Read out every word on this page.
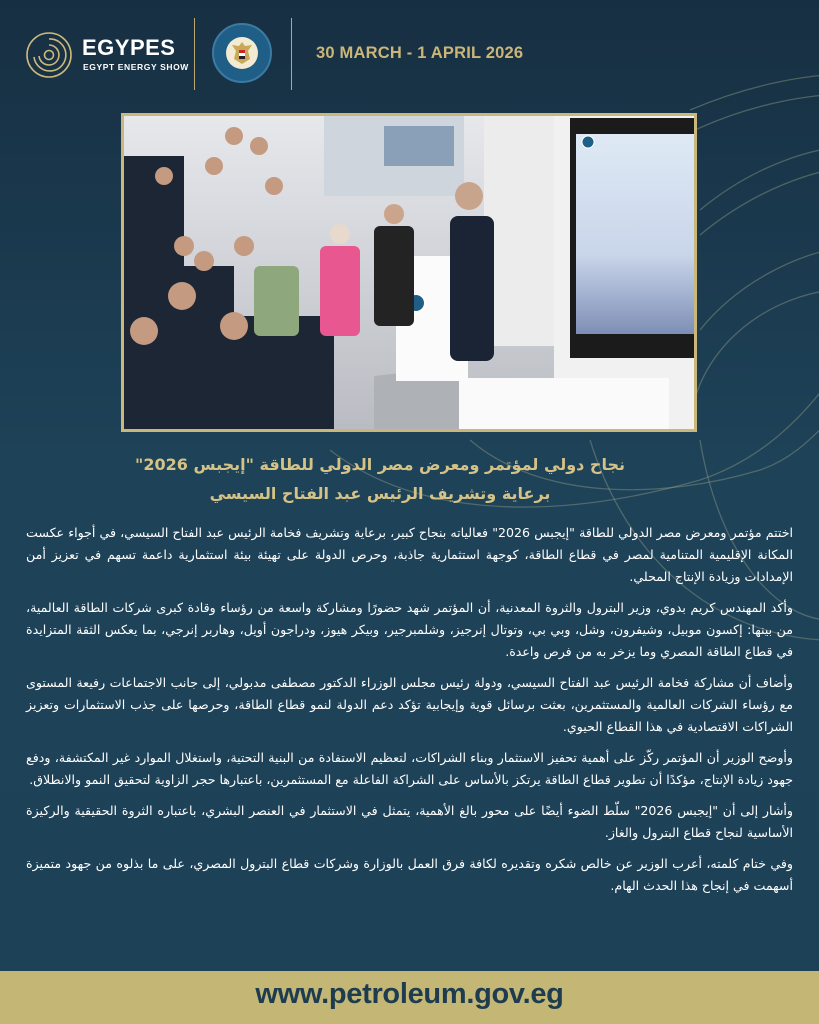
EGYPES
EGYPT ENERGY SHOW
30 MARCH - 1 APRIL 2026
نجاح دولي لمؤتمر ومعرض مصر الدولي للطاقة "إيجبس 2026"
برعاية وتشريف الرئيس عبد الفتاح السيسي

اختتم مؤتمر ومعرض مصر الدولي للطاقة "إيجبس 2026" فعالياته بنجاح كبير، برعاية وتشريف فخامة الرئيس عبد الفتاح السيسي، في أجواء عكست المكانة الإقليمية المتنامية لمصر في قطاع الطاقة، كوجهة استثمارية جاذبة، وحرص الدولة على تهيئة بيئة استثمارية داعمة تسهم في تعزيز أمن الإمدادات وزيادة الإنتاج المحلي.

وأكد المهندس كريم بدوي، وزير البترول والثروة المعدنية، أن المؤتمر شهد حضورًا ومشاركة واسعة من رؤساء وقادة كبرى شركات الطاقة العالمية، من بينها: إكسون موبيل، وشيفرون، وشل، وبي بي، وتوتال إنرجيز، وشلمبرجير، وبيكر هيوز، ودراجون أويل، وهاربر إنرجي، بما يعكس الثقة المتزايدة في قطاع الطاقة المصري وما يزخر به من فرص واعدة.

وأضاف أن مشاركة فخامة الرئيس عبد الفتاح السيسي، ودولة رئيس مجلس الوزراء الدكتور مصطفى مدبولي، إلى جانب الاجتماعات رفيعة المستوى مع رؤساء الشركات العالمية والمستثمرين، بعثت برسائل قوية وإيجابية تؤكد دعم الدولة لنمو قطاع الطاقة، وحرصها على جذب الاستثمارات وتعزيز الشراكات الاقتصادية في هذا القطاع الحيوي.

وأوضح الوزير أن المؤتمر ركّز على أهمية تحفيز الاستثمار وبناء الشراكات، لتعظيم الاستفادة من البنية التحتية، واستغلال الموارد غير المكتشفة، ودفع جهود زيادة الإنتاج، مؤكدًا أن تطوير قطاع الطاقة يرتكز بالأساس على الشراكة الفاعلة مع المستثمرين، باعتبارها حجر الزاوية لتحقيق النمو والانطلاق.

وأشار إلى أن "إيجبس 2026" سلّط الضوء أيضًا على محور بالغ الأهمية، يتمثل في الاستثمار في العنصر البشري، باعتباره الثروة الحقيقية والركيزة الأساسية لنجاح قطاع البترول والغاز.

وفي ختام كلمته، أعرب الوزير عن خالص شكره وتقديره لكافة فرق العمل بالوزارة وشركات قطاع البترول المصري، على ما بذلوه من جهود متميزة أسهمت في إنجاح هذا الحدث الهام.

www.petroleum.gov.eg
